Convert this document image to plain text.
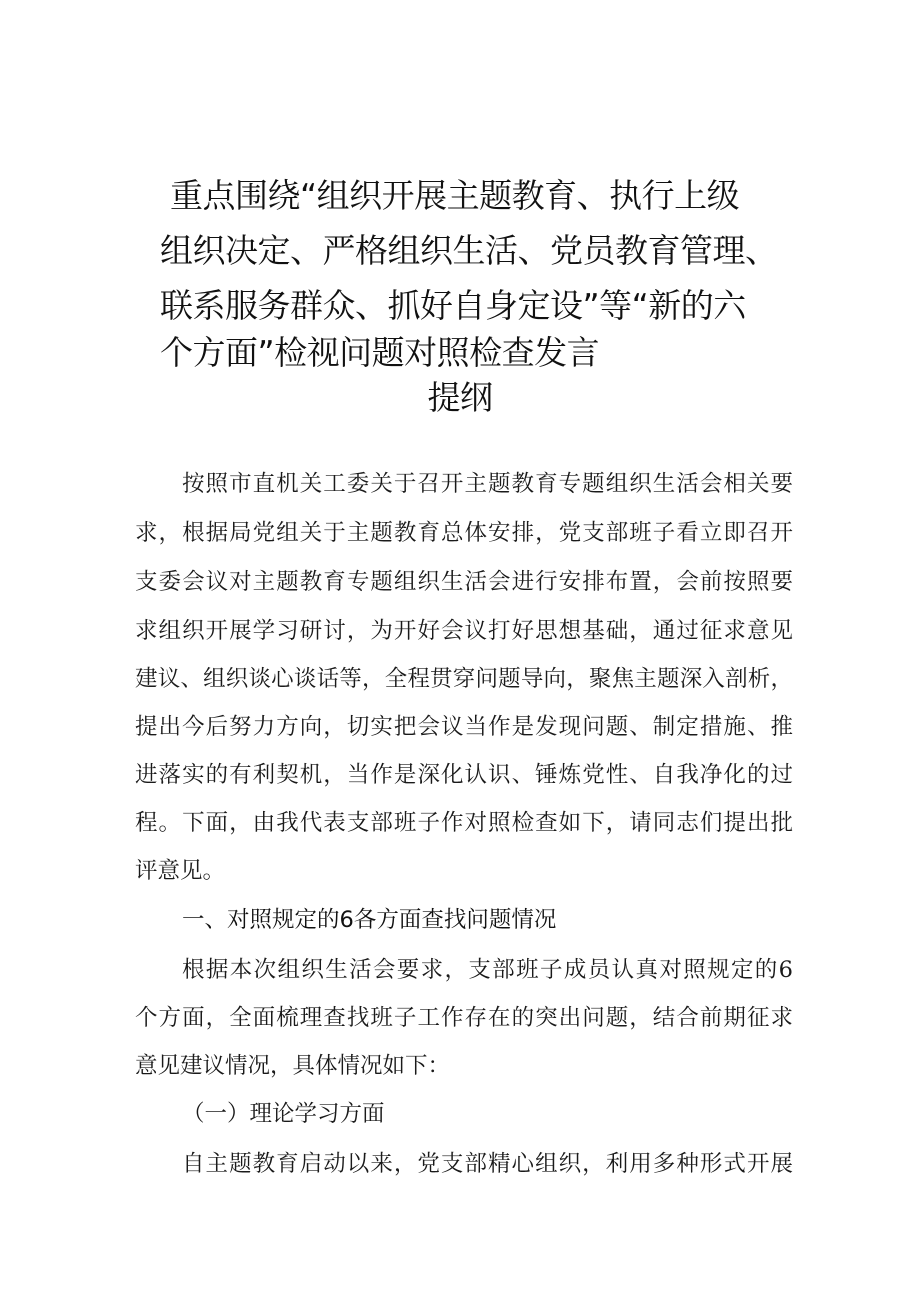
重点围绕“组织开展主题教育、执行上级
组织决定、严格组织生活、党员教育管理、
联系服务群众、抓好自身定设”等“新的六
个方面”检视问题对照检查发言
提纲
按照市直机关工委关于召开主题教育专题组织生活会相关要
求，根据局党组关于主题教育总体安排，党支部班子看立即召开
支委会议对主题教育专题组织生活会进行安排布置，会前按照要
求组织开展学习研讨，为开好会议打好思想基础，通过征求意见
建议、组织谈心谈话等，全程贯穿问题导向，聚焦主题深入剖析，
提出今后努力方向，切实把会议当作是发现问题、制定措施、推
进落实的有利契机，当作是深化认识、锤炼党性、自我净化的过
程。下面，由我代表支部班子作对照检查如下，请同志们提出批
评意见。
一、对照规定的6各方面查找问题情况
根据本次组织生活会要求，支部班子成员认真对照规定的6
个方面，全面梳理查找班子工作存在的突出问题，结合前期征求
意见建议情况，具体情况如下：
（一）理论学习方面
自主题教育启动以来，党支部精心组织，利用多种形式开展
